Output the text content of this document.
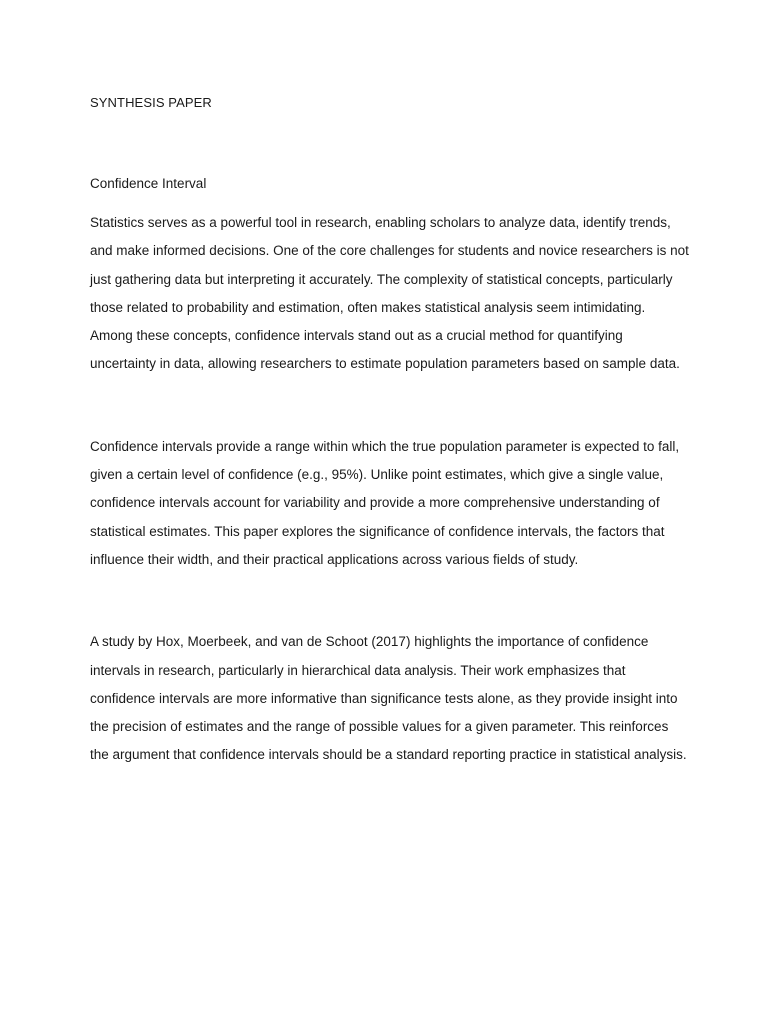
SYNTHESIS PAPER
Confidence Interval

Statistics serves as a powerful tool in research, enabling scholars to analyze data, identify trends, and make informed decisions. One of the core challenges for students and novice researchers is not just gathering data but interpreting it accurately. The complexity of statistical concepts, particularly those related to probability and estimation, often makes statistical analysis seem intimidating. Among these concepts, confidence intervals stand out as a crucial method for quantifying uncertainty in data, allowing researchers to estimate population parameters based on sample data.

Confidence intervals provide a range within which the true population parameter is expected to fall, given a certain level of confidence (e.g., 95%). Unlike point estimates, which give a single value, confidence intervals account for variability and provide a more comprehensive understanding of statistical estimates. This paper explores the significance of confidence intervals, the factors that influence their width, and their practical applications across various fields of study.

A study by Hox, Moerbeek, and van de Schoot (2017) highlights the importance of confidence intervals in research, particularly in hierarchical data analysis. Their work emphasizes that confidence intervals are more informative than significance tests alone, as they provide insight into the precision of estimates and the range of possible values for a given parameter. This reinforces the argument that confidence intervals should be a standard reporting practice in statistical analysis.
